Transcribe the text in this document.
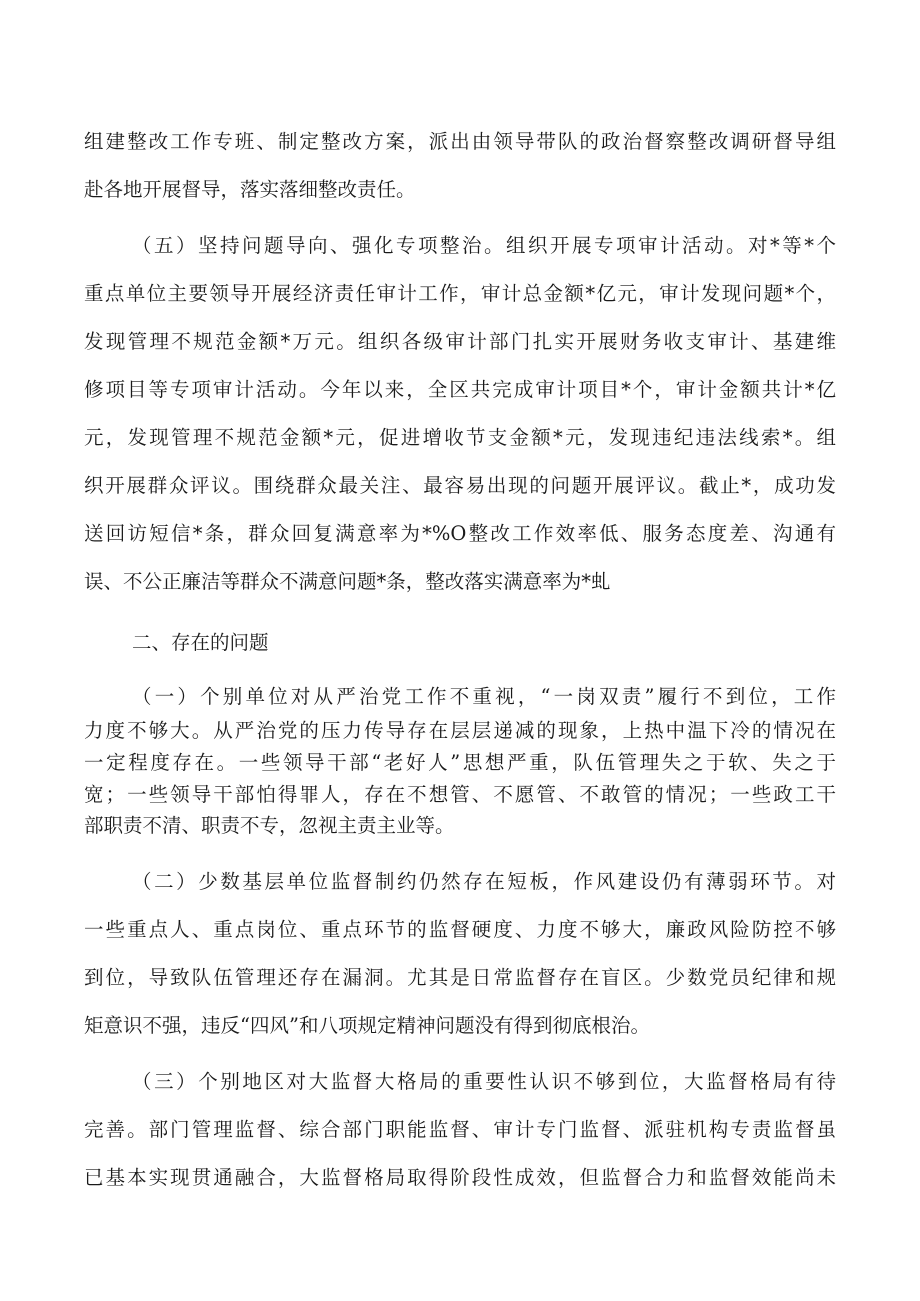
组建整改工作专班、制定整改方案，派出由领导带队的政治督察整改调研督导组
赴各地开展督导，落实落细整改责任。
（五）坚持问题导向、强化专项整治。组织开展专项审计活动。对*等*个
重点单位主要领导开展经济责任审计工作，审计总金额*亿元，审计发现问题*个，
发现管理不规范金额*万元。组织各级审计部门扎实开展财务收支审计、基建维
修项目等专项审计活动。今年以来，全区共完成审计项目*个，审计金额共计*亿
元，发现管理不规范金额*元，促进增收节支金额*元，发现违纪违法线索*。组
织开展群众评议。围绕群众最关注、最容易出现的问题开展评议。截止*，成功发
送回访短信*条，群众回复满意率为*%O整改工作效率低、服务态度差、沟通有
误、不公正廉洁等群众不满意问题*条，整改落实满意率为*虬
二、存在的问题
（一）个别单位对从严治党工作不重视，“一岗双责”履行不到位，工作
力度不够大。从严治党的压力传导存在层层递减的现象，上热中温下冷的情况在
一定程度存在。一些领导干部“老好人”思想严重，队伍管理失之于软、失之于
宽；一些领导干部怕得罪人，存在不想管、不愿管、不敢管的情况；一些政工干
部职责不清、职责不专，忽视主责主业等。
（二）少数基层单位监督制约仍然存在短板，作风建设仍有薄弱环节。对
一些重点人、重点岗位、重点环节的监督硬度、力度不够大，廉政风险防控不够
到位，导致队伍管理还存在漏洞。尤其是日常监督存在盲区。少数党员纪律和规
矩意识不强，违反“四风”和八项规定精神问题没有得到彻底根治。
（三）个别地区对大监督大格局的重要性认识不够到位，大监督格局有待
完善。部门管理监督、综合部门职能监督、审计专门监督、派驻机构专责监督虽
已基本实现贯通融合，大监督格局取得阶段性成效，但监督合力和监督效能尚未
